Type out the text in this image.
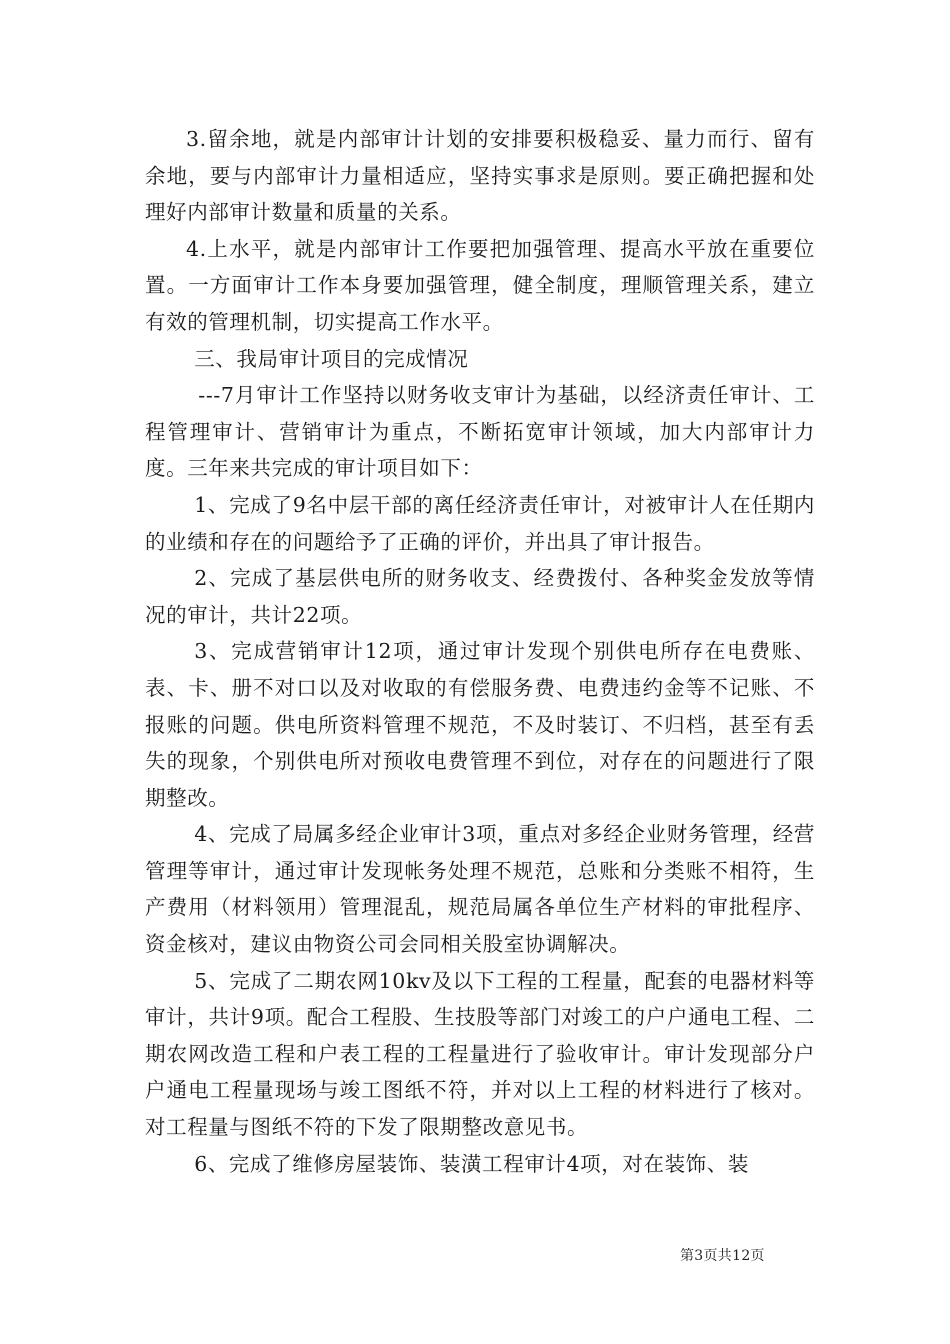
3.留余地，就是内部审计计划的安排要积极稳妥、量力而行、留有余地，要与内部审计力量相适应，坚持实事求是原则。要正确把握和处理好内部审计数量和质量的关系。

4.上水平，就是内部审计工作要把加强管理、提高水平放在重要位置。一方面审计工作本身要加强管理，健全制度，理顺管理关系，建立有效的管理机制，切实提高工作水平。

三、我局审计项目的完成情况

---7月审计工作坚持以财务收支审计为基础，以经济责任审计、工程管理审计、营销审计为重点，不断拓宽审计领域，加大内部审计力度。三年来共完成的审计项目如下：

1、完成了9名中层干部的离任经济责任审计，对被审计人在任期内的业绩和存在的问题给予了正确的评价，并出具了审计报告。

2、完成了基层供电所的财务收支、经费拨付、各种奖金发放等情况的审计，共计22项。

3、完成营销审计12项，通过审计发现个别供电所存在电费账、表、卡、册不对口以及对收取的有偿服务费、电费违约金等不记账、不报账的问题。供电所资料管理不规范，不及时装订、不归档，甚至有丢失的现象，个别供电所对预收电费管理不到位，对存在的问题进行了限期整改。

4、完成了局属多经企业审计3项，重点对多经企业财务管理，经营管理等审计，通过审计发现帐务处理不规范，总账和分类账不相符，生产费用（材料领用）管理混乱，规范局属各单位生产材料的审批程序、资金核对，建议由物资公司会同相关股室协调解决。

5、完成了二期农网10kv及以下工程的工程量，配套的电器材料等审计，共计9项。配合工程股、生技股等部门对竣工的户户通电工程、二期农网改造工程和户表工程的工程量进行了验收审计。审计发现部分户户通电工程量现场与竣工图纸不符，并对以上工程的材料进行了核对。对工程量与图纸不符的下发了限期整改意见书。

6、完成了维修房屋装饰、装潢工程审计4项，对在装饰、装

第3页共12页
